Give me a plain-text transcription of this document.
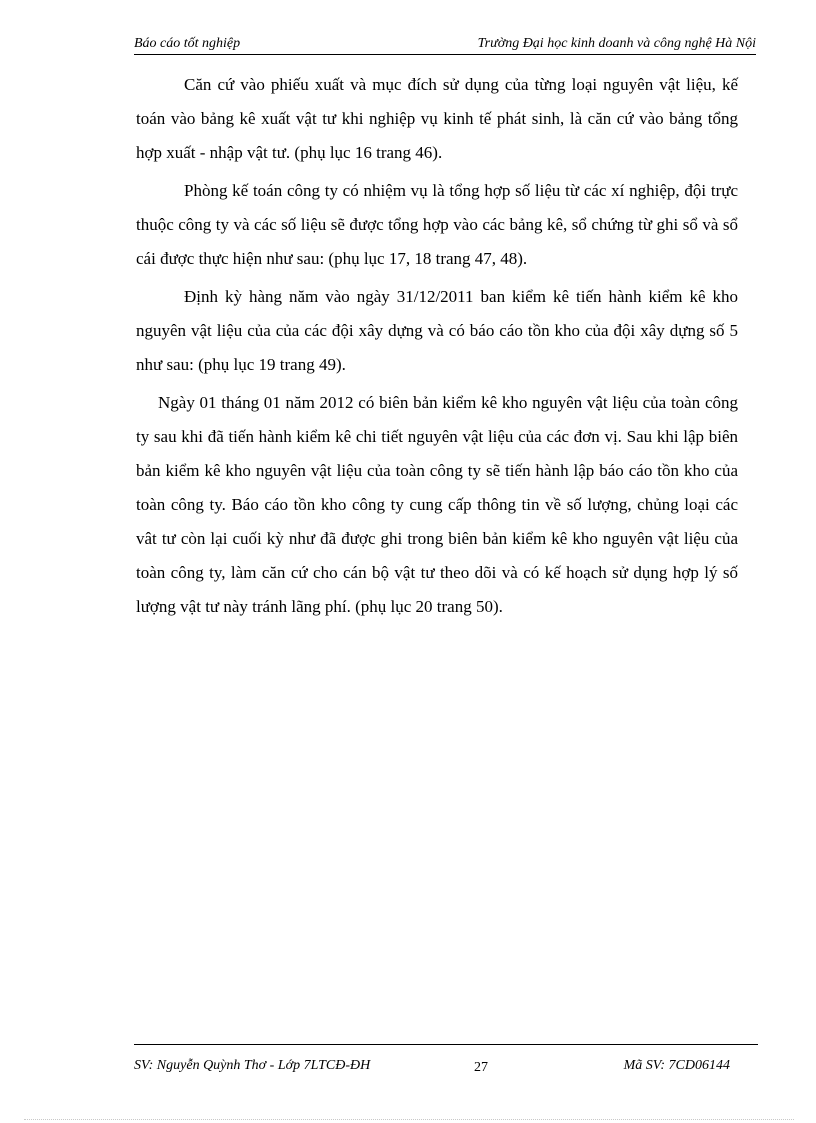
Báo cáo tốt nghiệp	Trường Đại học kinh doanh và công nghệ Hà Nội

Căn cứ vào phiếu xuất và mục đích sử dụng của từng loại nguyên vật liệu, kế toán vào bảng kê xuất vật tư khi nghiệp vụ kinh tế phát sinh, là căn cứ vào bảng tổng hợp xuất - nhập vật tư. (phụ lục 16 trang 46).

Phòng kế toán công ty có nhiệm vụ là tổng hợp số liệu từ các xí nghiệp, đội trực thuộc công ty và các số liệu sẽ được tổng hợp vào các bảng kê, sổ chứng từ ghi sổ và sổ cái được thực hiện như sau: (phụ lục 17, 18 trang 47, 48).

Định kỳ hàng năm vào ngày 31/12/2011 ban kiểm kê tiến hành kiểm kê kho nguyên vật liệu của của các đội xây dựng và có báo cáo tồn kho của đội xây dựng số 5 như sau: (phụ lục 19 trang 49).

Ngày 01 tháng 01 năm 2012 có biên bản kiểm kê kho nguyên vật liệu của toàn công ty sau khi đã tiến hành kiểm kê chi tiết nguyên vật liệu của các đơn vị. Sau khi lập biên bản kiểm kê kho nguyên vật liệu của toàn công ty sẽ tiến hành lập báo cáo tồn kho của toàn công ty. Báo cáo tồn kho công ty cung cấp thông tin về số lượng, chủng loại các vât tư còn lại cuối kỳ như đã được ghi trong biên bản kiểm kê kho nguyên vật liệu của toàn công ty, làm căn cứ cho cán bộ vật tư theo dõi và có kế hoạch sử dụng hợp lý số lượng vật tư này tránh lãng phí. (phụ lục 20 trang 50).

SV: Nguyễn Quỳnh Thơ - Lớp 7LTCĐ-ĐH	27	Mã SV: 7CD06144
